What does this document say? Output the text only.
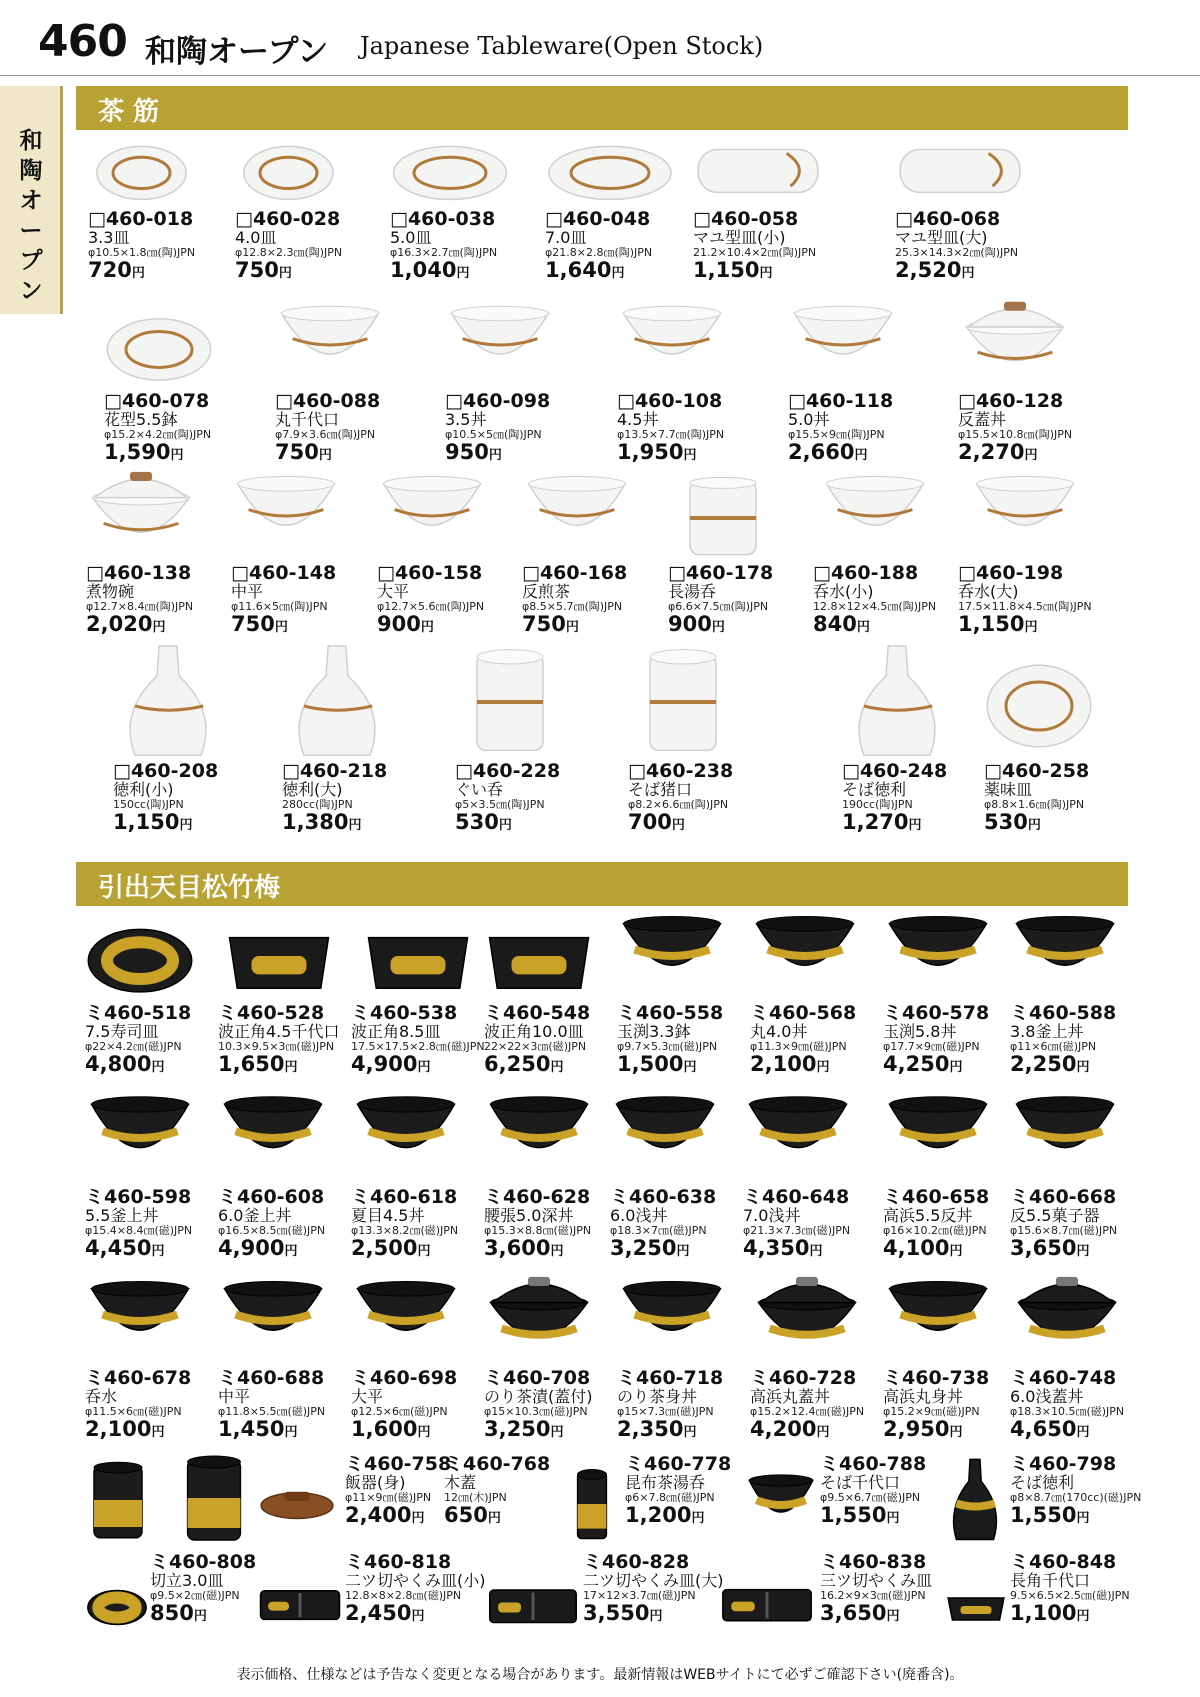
460 和陶オープン Japanese Tableware(Open Stock)
和陶オープン
茶 筋
□460-018
3.3皿
φ10.5×1.8㎝(陶)JPN
720円
□460-028
4.0皿
φ12.8×2.3㎝(陶)JPN
750円
□460-038
5.0皿
φ16.3×2.7㎝(陶)JPN
1,040円
□460-048
7.0皿
φ21.8×2.8㎝(陶)JPN
1,640円
□460-058
マユ型皿(小)
21.2×10.4×2㎝(陶)JPN
1,150円
□460-068
マユ型皿(大)
25.3×14.3×2㎝(陶)JPN
2,520円
□460-078
花型5.5鉢
φ15.2×4.2㎝(陶)JPN
1,590円
□460-088
丸千代口
φ7.9×3.6㎝(陶)JPN
750円
□460-098
3.5丼
φ10.5×5㎝(陶)JPN
950円
□460-108
4.5丼
φ13.5×7.7㎝(陶)JPN
1,950円
□460-118
5.0丼
φ15.5×9㎝(陶)JPN
2,660円
□460-128
反蓋丼
φ15.5×10.8㎝(陶)JPN
2,270円
□460-138
煮物碗
φ12.7×8.4㎝(陶)JPN
2,020円
□460-148
中平
φ11.6×5㎝(陶)JPN
750円
□460-158
大平
φ12.7×5.6㎝(陶)JPN
900円
□460-168
反煎茶
φ8.5×5.7㎝(陶)JPN
750円
□460-178
長湯呑
φ6.6×7.5㎝(陶)JPN
900円
□460-188
呑水(小)
12.8×12×4.5㎝(陶)JPN
840円
□460-198
呑水(大)
17.5×11.8×4.5㎝(陶)JPN
1,150円
□460-208
徳利(小)
150cc(陶)JPN
1,150円
□460-218
徳利(大)
280cc(陶)JPN
1,380円
□460-228
ぐい呑
φ5×3.5㎝(陶)JPN
530円
□460-238
そば猪口
φ8.2×6.6㎝(陶)JPN
700円
□460-248
そば徳利
190cc(陶)JPN
1,270円
□460-258
薬味皿
φ8.8×1.6㎝(陶)JPN
530円
引出天目松竹梅
ミ460-518
7.5寿司皿
φ22×4.2㎝(磁)JPN
4,800円
ミ460-528
波正角4.5千代口
10.3×9.5×3㎝(磁)JPN
1,650円
ミ460-538
波正角8.5皿
17.5×17.5×2.8㎝(磁)JPN
4,900円
ミ460-548
波正角10.0皿
22×22×3㎝(磁)JPN
6,250円
ミ460-558
玉渕3.3鉢
φ9.7×5.3㎝(磁)JPN
1,500円
ミ460-568
丸4.0丼
φ11.3×9㎝(磁)JPN
2,100円
ミ460-578
玉渕5.8丼
φ17.7×9㎝(磁)JPN
4,250円
ミ460-588
3.8釜上丼
φ11×6㎝(磁)JPN
2,250円
ミ460-598
5.5釜上丼
φ15.4×8.4㎝(磁)JPN
4,450円
ミ460-608
6.0釜上丼
φ16.5×8.5㎝(磁)JPN
4,900円
ミ460-618
夏目4.5丼
φ13.3×8.2㎝(磁)JPN
2,500円
ミ460-628
腰張5.0深丼
φ15.3×8.8㎝(磁)JPN
3,600円
ミ460-638
6.0浅丼
φ18.3×7㎝(磁)JPN
3,250円
ミ460-648
7.0浅丼
φ21.3×7.3㎝(磁)JPN
4,350円
ミ460-658
高浜5.5反丼
φ16×10.2㎝(磁)JPN
4,100円
ミ460-668
反5.5菓子器
φ15.6×8.7㎝(磁)JPN
3,650円
ミ460-678
呑水
φ11.5×6㎝(磁)JPN
2,100円
ミ460-688
中平
φ11.8×5.5㎝(磁)JPN
1,450円
ミ460-698
大平
φ12.5×6㎝(磁)JPN
1,600円
ミ460-708
のり茶漬(蓋付)
φ15×10.3㎝(磁)JPN
3,250円
ミ460-718
のり茶身丼
φ15×7.3㎝(磁)JPN
2,350円
ミ460-728
高浜丸蓋丼
φ15.2×12.4㎝(磁)JPN
4,200円
ミ460-738
高浜丸身丼
φ15.2×9㎝(磁)JPN
2,950円
ミ460-748
6.0浅蓋丼
φ18.3×10.5㎝(磁)JPN
4,650円
ミ460-758
飯器(身)
φ11×9㎝(磁)JPN
2,400円
ミ460-768
木蓋
12㎝(木)JPN
650円
ミ460-778
昆布茶湯呑
φ6×7.8㎝(磁)JPN
1,200円
ミ460-788
そば千代口
φ9.5×6.7㎝(磁)JPN
1,550円
ミ460-798
そば徳利
φ8×8.7㎝(170cc)(磁)JPN
1,550円
ミ460-808
切立3.0皿
φ9.5×2㎝(磁)JPN
850円
ミ460-818
二ツ切やくみ皿(小)
12.8×8×2.8㎝(磁)JPN
2,450円
ミ460-828
二ツ切やくみ皿(大)
17×12×3.7㎝(磁)JPN
3,550円
ミ460-838
三ツ切やくみ皿
16.2×9×3㎝(磁)JPN
3,650円
ミ460-848
長角千代口
9.5×6.5×2.5㎝(磁)JPN
1,100円
表示価格、仕様などは予告なく変更となる場合があります。最新情報はWEBサイトにて必ずご確認下さい(廃番含)。
